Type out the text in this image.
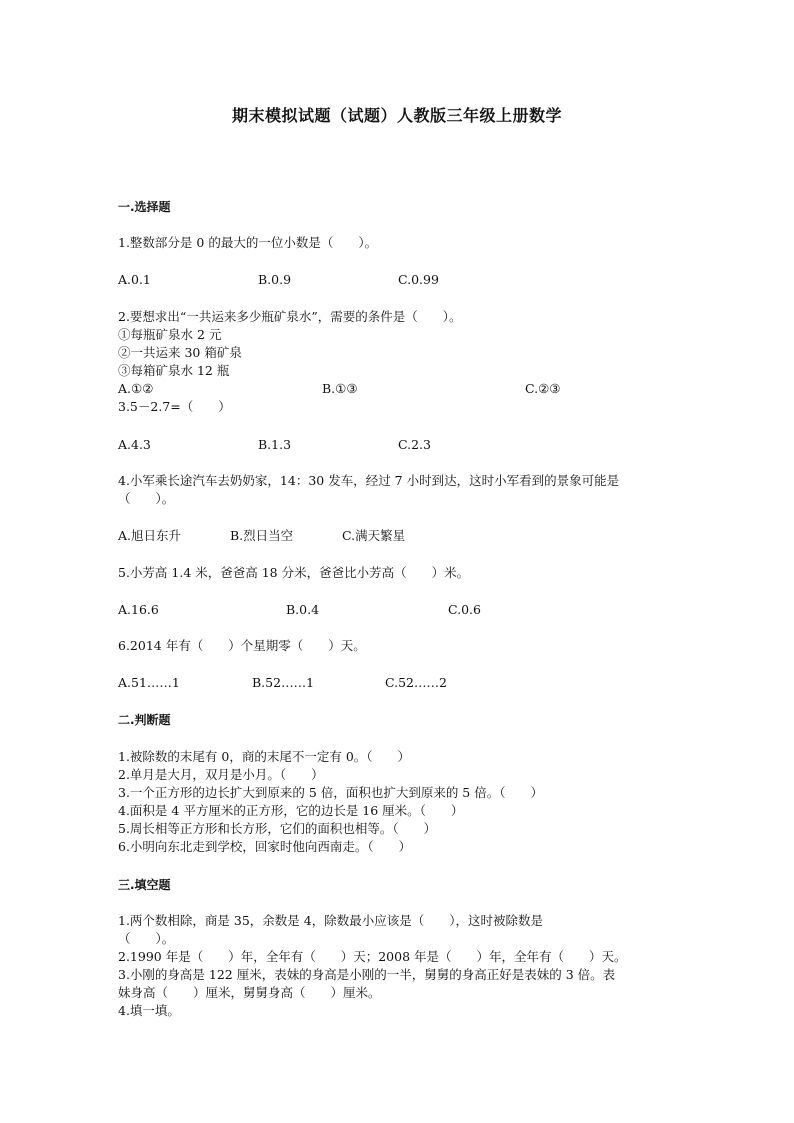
期末模拟试题（试题）人教版三年级上册数学
一.选择题
1.整数部分是 0 的最大的一位小数是（　　）。
A.0.1	B.0.9	C.0.99
2.要想求出“一共运来多少瓶矿泉水”，需要的条件是（　　）。
①每瓶矿泉水 2 元
②一共运来 30 箱矿泉
③每箱矿泉水 12 瓶
A.①②	B.①③	C.②③
3.5－2.7=（　　）
A.4.3	B.1.3	C.2.3
4.小军乘长途汽车去奶奶家，14：30 发车，经过 7 小时到达，这时小军看到的景象可能是
（　　）。
A.旭日东升	B.烈日当空	C.满天繁星
5.小芳高 1.4 米，爸爸高 18 分米，爸爸比小芳高（　　）米。
A.16.6	B.0.4	C.0.6
6.2014 年有（　　）个星期零（　　）天。
A.51……1	B.52……1	C.52……2
二.判断题
1.被除数的末尾有 0，商的末尾不一定有 0。（　　）
2.单月是大月，双月是小月。（　　）
3.一个正方形的边长扩大到原来的 5 倍，面积也扩大到原来的 5 倍。（　　）
4.面积是 4 平方厘米的正方形，它的边长是 16 厘米。（　　）
5.周长相等正方形和长方形，它们的面积也相等。（　　）
6.小明向东北走到学校，回家时他向西南走。（　　）
三.填空题
1.两个数相除，商是 35，余数是 4，除数最小应该是（　　），这时被除数是
（　　）。
2.1990 年是（　　）年，全年有（　　）天；2008 年是（　　）年，全年有（　　）天。
3.小刚的身高是 122 厘米，表妹的身高是小刚的一半，舅舅的身高正好是表妹的 3 倍。表
妹身高（　　）厘米，舅舅身高（　　）厘米。
4.填一填。
